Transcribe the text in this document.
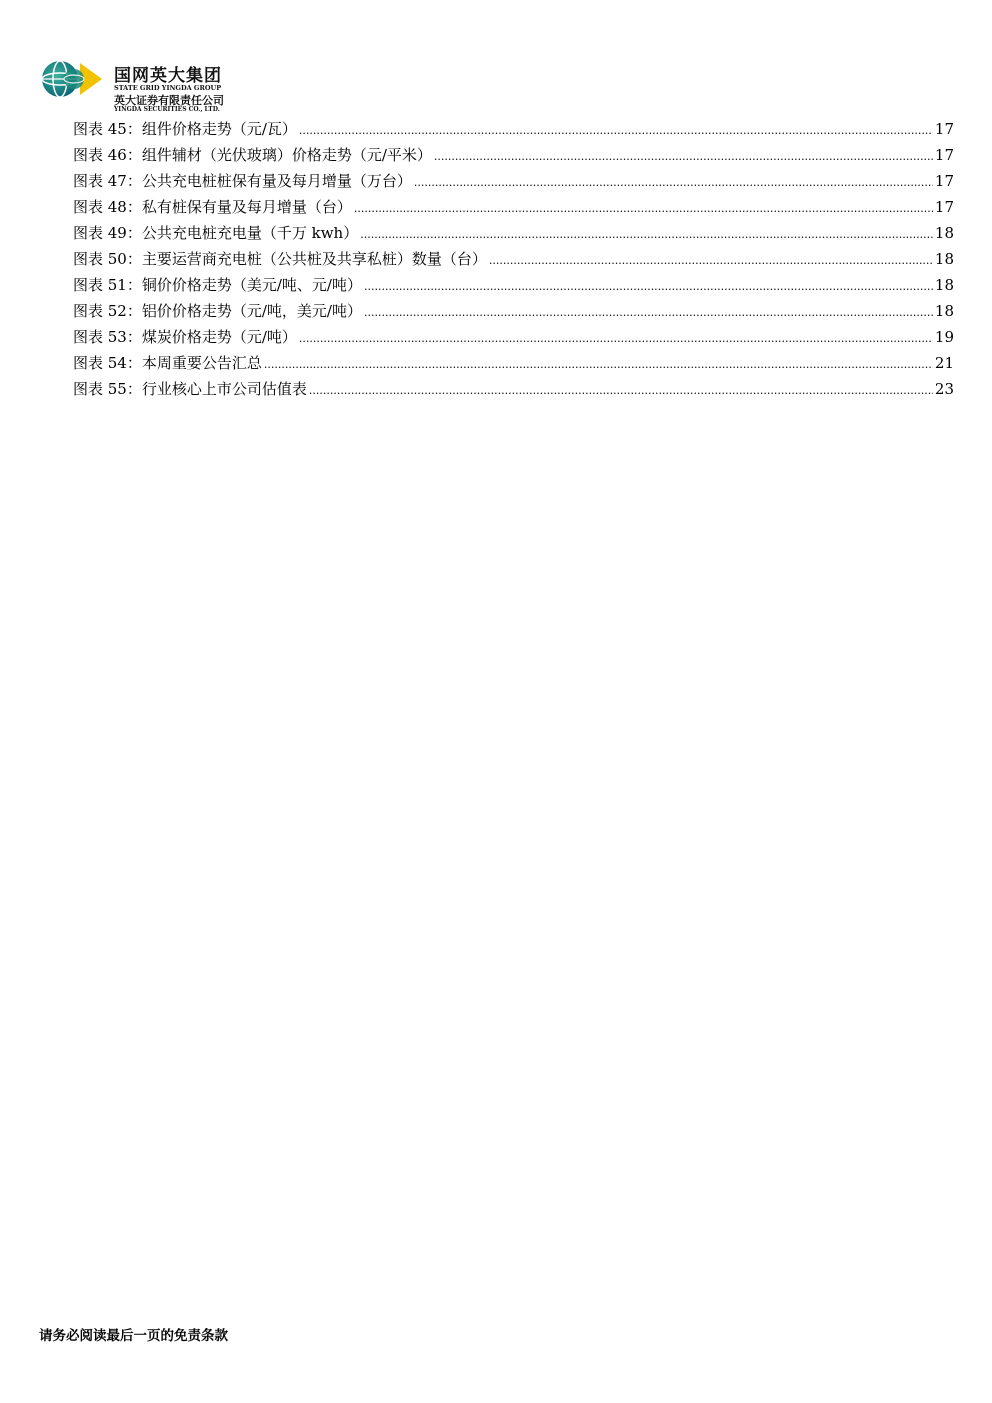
国网英大集团
STATE GRID YINGDA GROUP
英大证券有限责任公司
YINGDA SECURITIES CO., LTD.
图表 45：组件价格走势（元/瓦） .....	17
图表 46：组件辅材（光伏玻璃）价格走势（元/平米） .....	17
图表 47：公共充电桩桩保有量及每月增量（万台） .....	17
图表 48：私有桩保有量及每月增量（台） .....	17
图表 49：公共充电桩充电量（千万 kwh） .....	18
图表 50：主要运营商充电桩（公共桩及共享私桩）数量（台） .....	18
图表 51：铜价价格走势（美元/吨、元/吨） .....	18
图表 52：铝价价格走势（元/吨，美元/吨） .....	18
图表 53：煤炭价格走势（元/吨） .....	19
图表 54：本周重要公告汇总 .....	21
图表 55：行业核心上市公司估值表 .....	23
请务必阅读最后一页的免责条款
